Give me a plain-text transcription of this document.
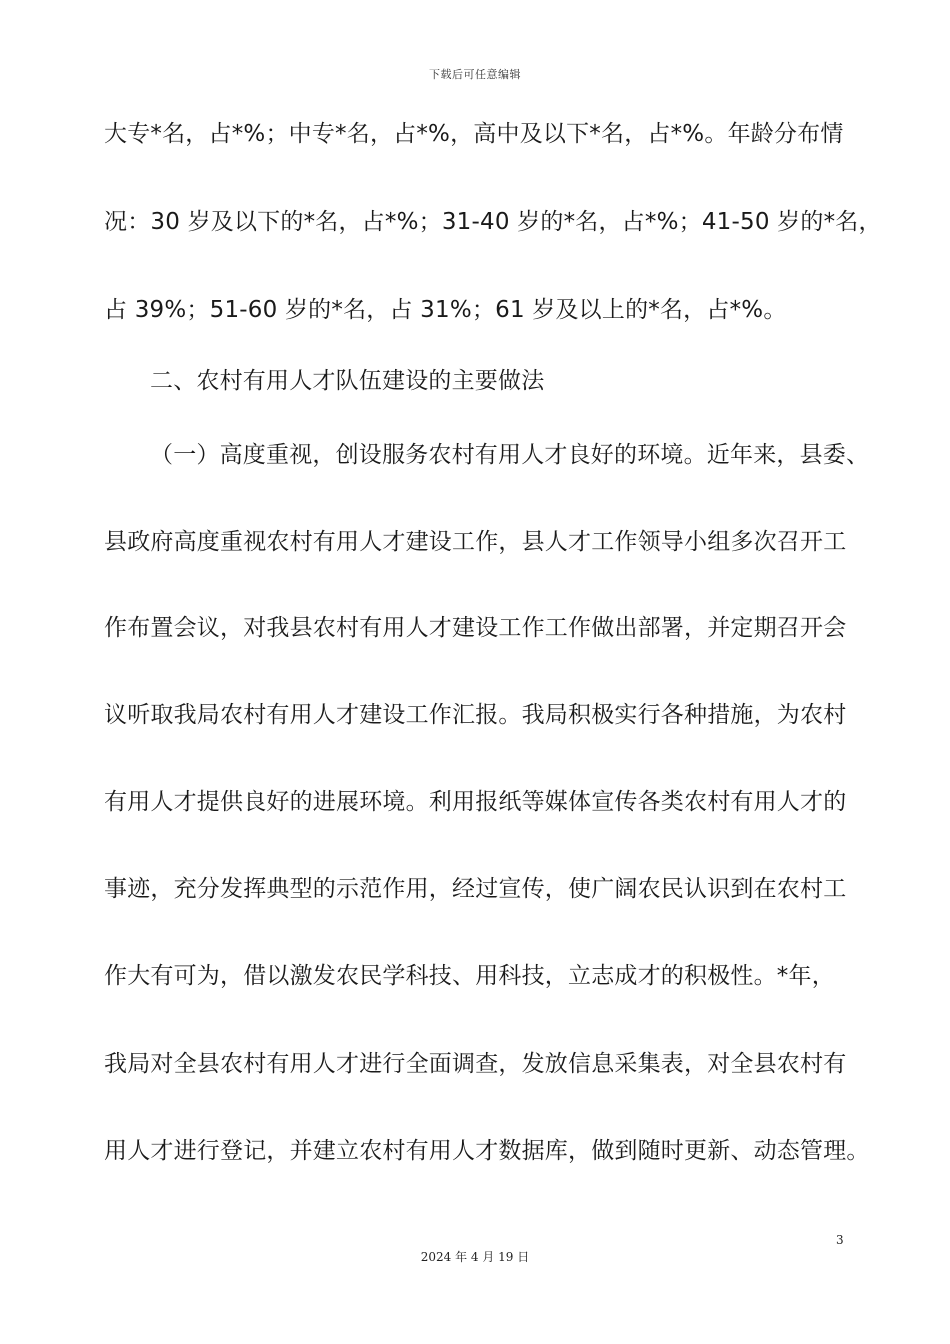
下载后可任意编辑
大专*名，占*%；中专*名，占*%，高中及以下*名，占*%。年龄分布情
况：30 岁及以下的*名，占*%；31-40 岁的*名，占*%；41-50 岁的*名，
占 39%；51-60 岁的*名，占 31%；61 岁及以上的*名，占*%。
二、农村有用人才队伍建设的主要做法
（一）高度重视，创设服务农村有用人才良好的环境。近年来，县委、
县政府高度重视农村有用人才建设工作，县人才工作领导小组多次召开工
作布置会议，对我县农村有用人才建设工作工作做出部署，并定期召开会
议听取我局农村有用人才建设工作汇报。我局积极实行各种措施，为农村
有用人才提供良好的进展环境。利用报纸等媒体宣传各类农村有用人才的
事迹，充分发挥典型的示范作用，经过宣传，使广阔农民认识到在农村工
作大有可为，借以激发农民学科技、用科技，立志成才的积极性。*年，
我局对全县农村有用人才进行全面调查，发放信息采集表，对全县农村有
用人才进行登记，并建立农村有用人才数据库，做到随时更新、动态管理。
3
2024 年 4 月 19 日
